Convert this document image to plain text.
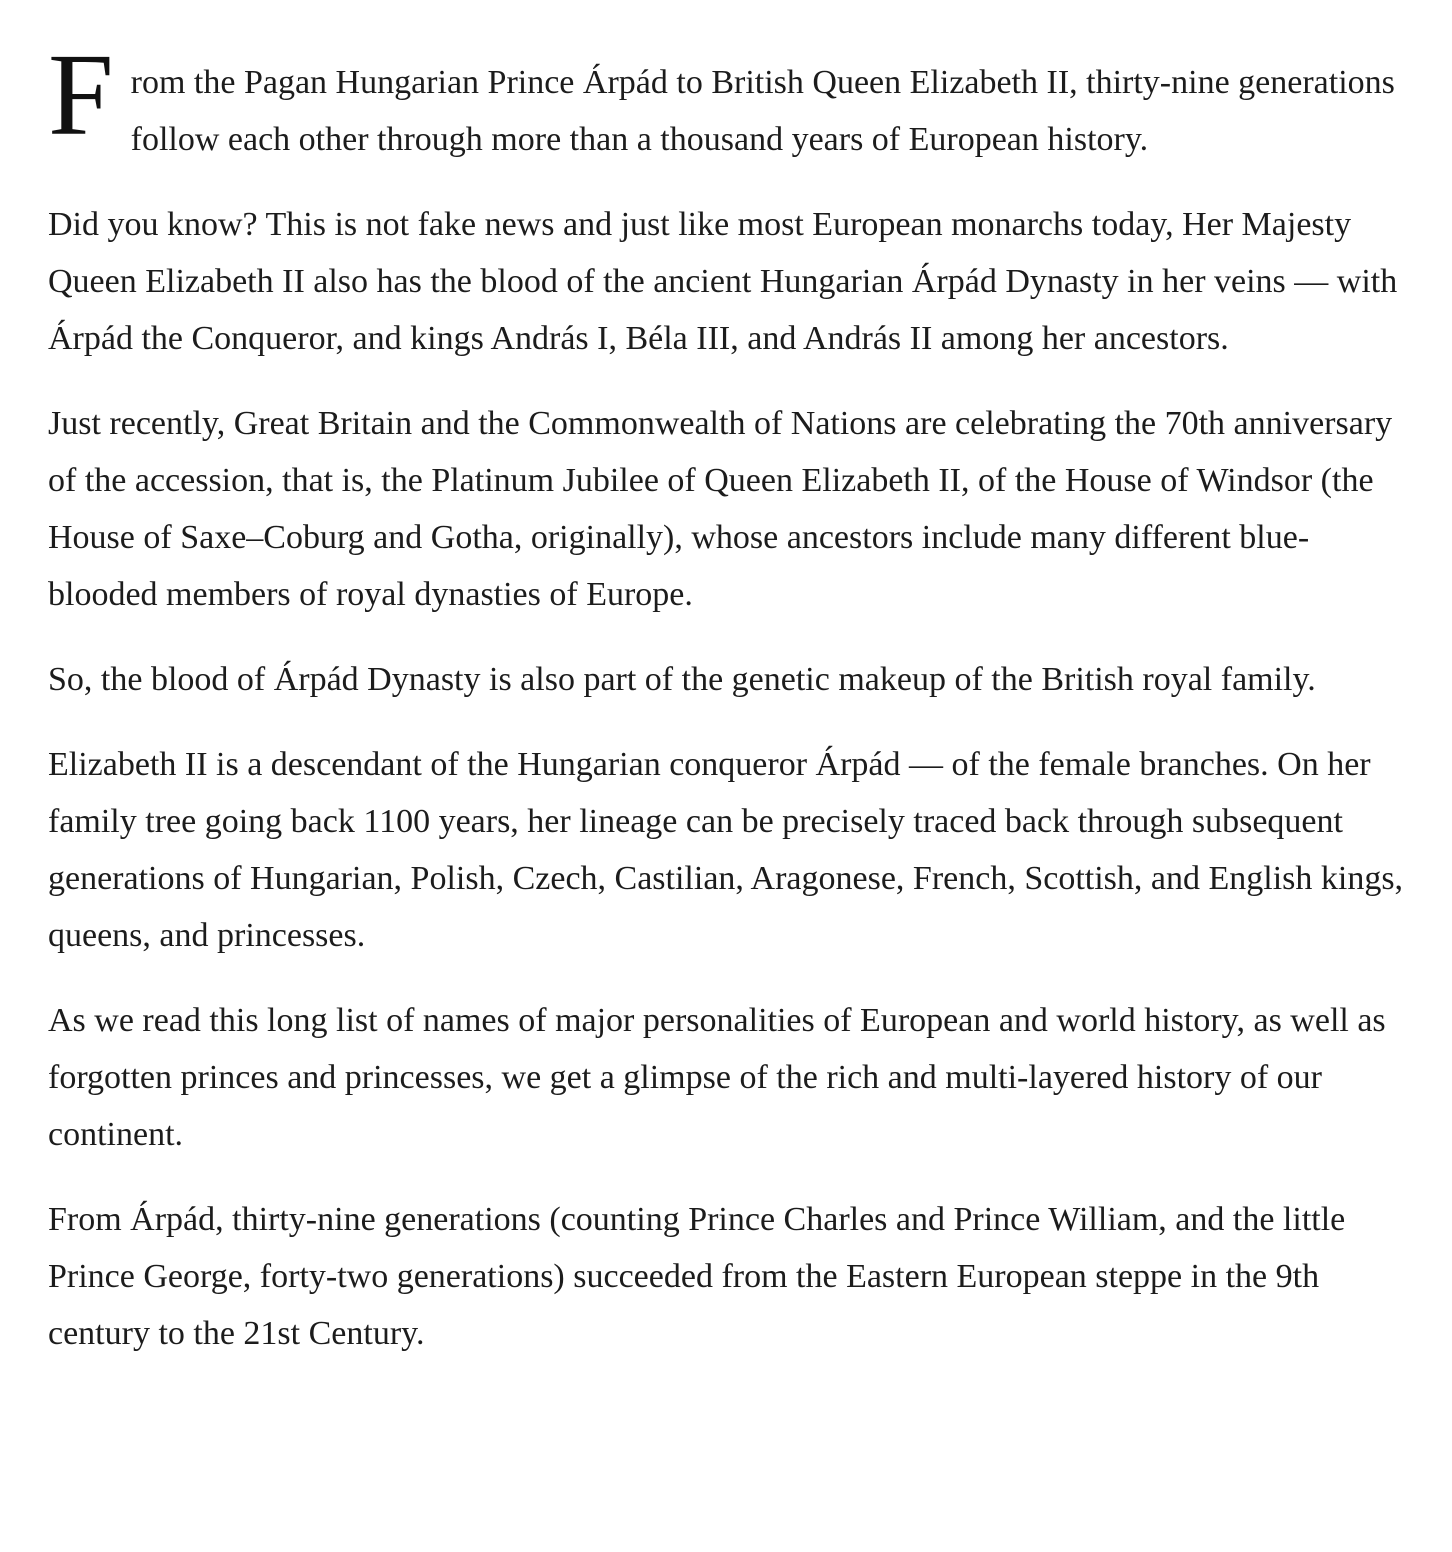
From the Pagan Hungarian Prince Árpád to British Queen Elizabeth II, thirty-nine generations follow each other through more than a thousand years of European history.

Did you know? This is not fake news and just like most European monarchs today, Her Majesty Queen Elizabeth II also has the blood of the ancient Hungarian Árpád Dynasty in her veins — with Árpád the Conqueror, and kings András I, Béla III, and András II among her ancestors.

Just recently, Great Britain and the Commonwealth of Nations are celebrating the 70th anniversary of the accession, that is, the Platinum Jubilee of Queen Elizabeth II, of the House of Windsor (the House of Saxe–Coburg and Gotha, originally), whose ancestors include many different blue-blooded members of royal dynasties of Europe.

So, the blood of Árpád Dynasty is also part of the genetic makeup of the British royal family.

Elizabeth II is a descendant of the Hungarian conqueror Árpád — of the female branches. On her family tree going back 1100 years, her lineage can be precisely traced back through subsequent generations of Hungarian, Polish, Czech, Castilian, Aragonese, French, Scottish, and English kings, queens, and princesses.

As we read this long list of names of major personalities of European and world history, as well as forgotten princes and princesses, we get a glimpse of the rich and multi-layered history of our continent.

From Árpád, thirty-nine generations (counting Prince Charles and Prince William, and the little Prince George, forty-two generations) succeeded from the Eastern European steppe in the 9th century to the 21st Century.
